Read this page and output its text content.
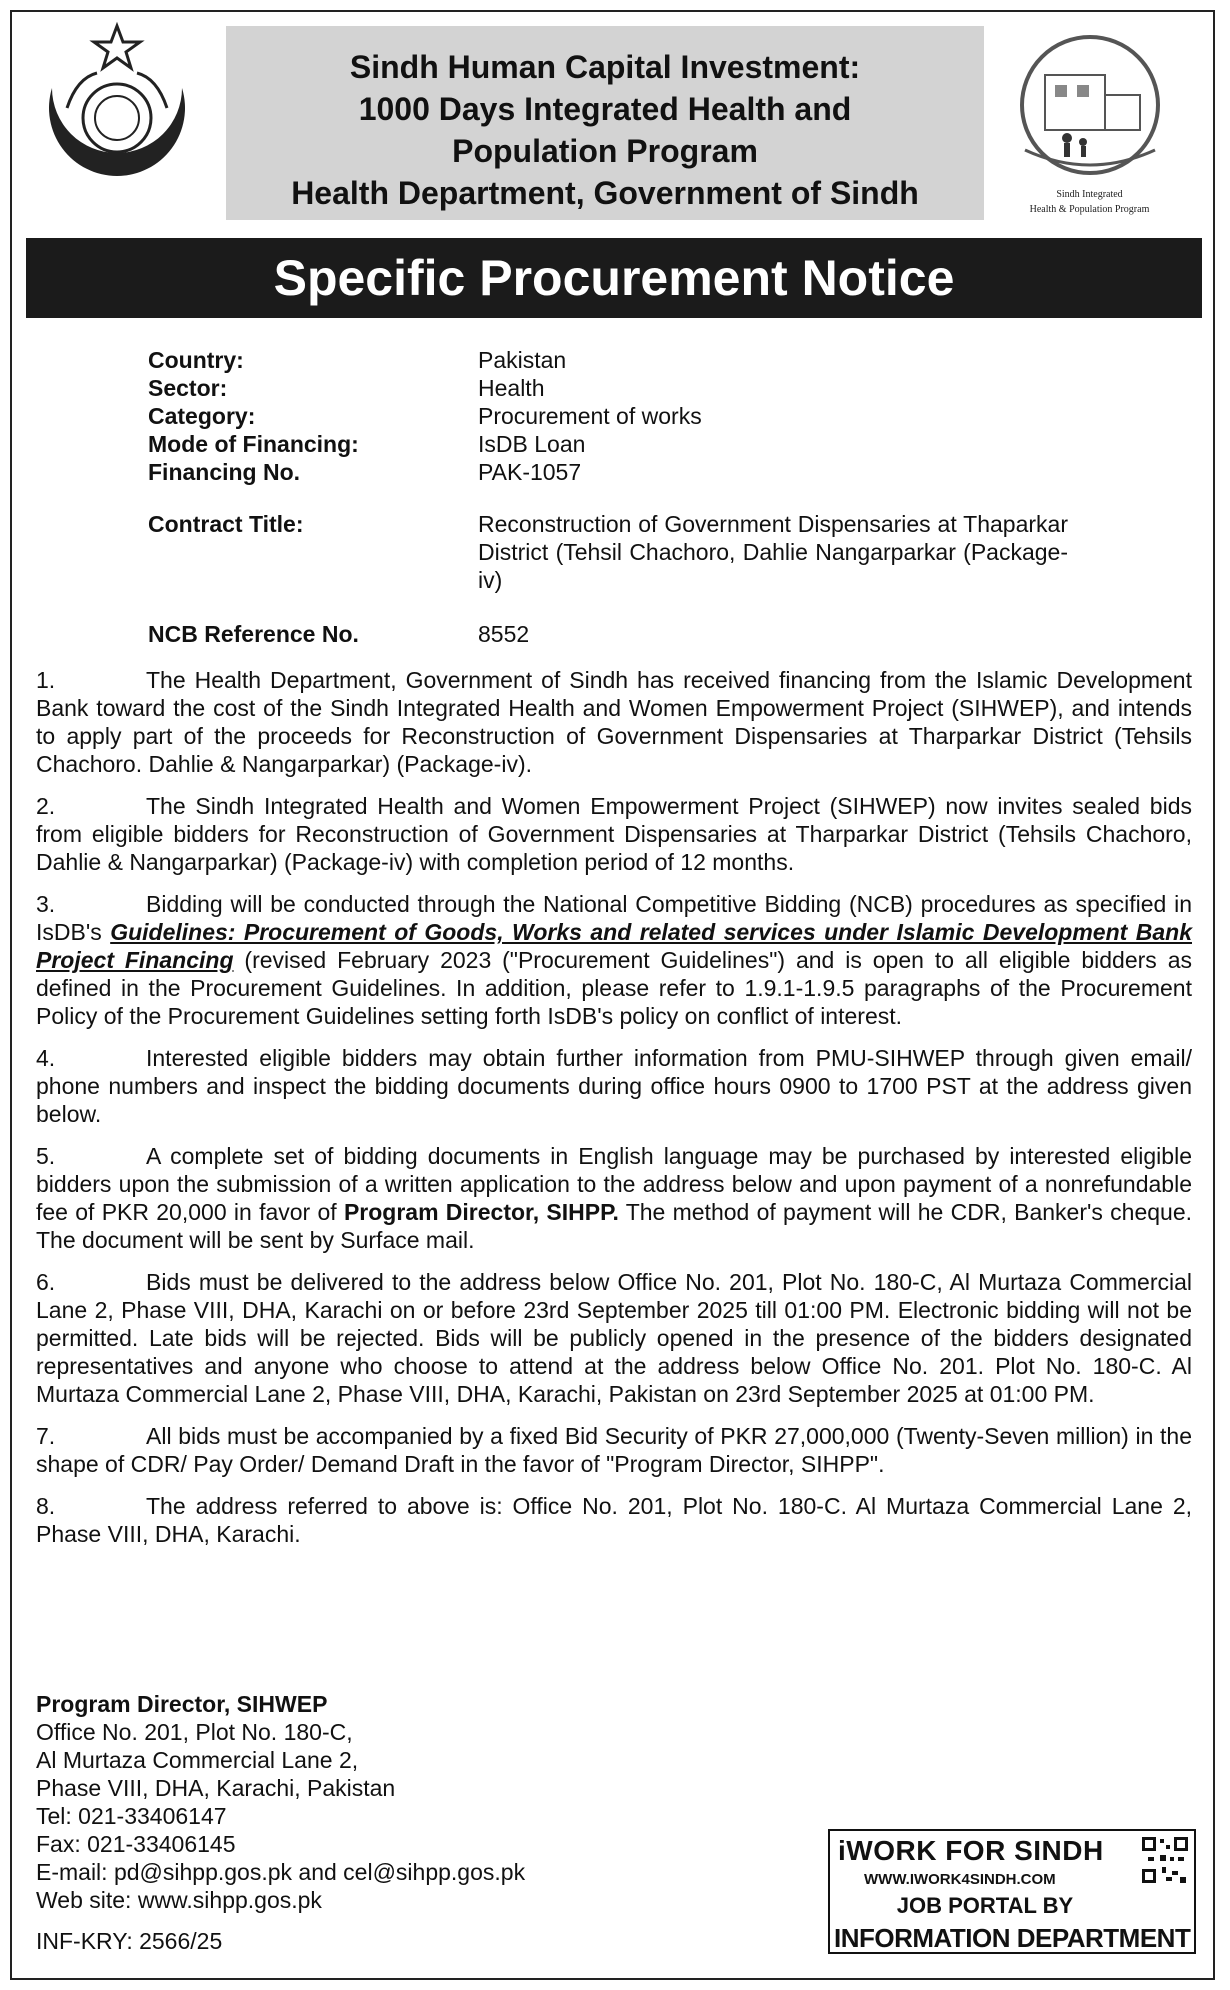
Sindh Human Capital Investment:
1000 Days Integrated Health and
Population Program
Health Department, Government of Sindh	Sindh Integrated
Health & Population Program
Specific Procurement Notice
Country:	Pakistan
Sector:	Health
Category:	Procurement of works
Mode of Financing:	IsDB Loan
Financing No.	PAK-1057
Contract Title:	Reconstruction of Government Dispensaries at Thaparkar District (Tehsil Chachoro, Dahlie Nangarparkar (Package-iv)
NCB Reference No.	8552

1.	The Health Department, Government of Sindh has received financing from the Islamic Development Bank toward the cost of the Sindh Integrated Health and Women Empowerment Project (SIHWEP), and intends to apply part of the proceeds for Reconstruction of Government Dispensaries at Tharparkar District (Tehsils Chachoro. Dahlie & Nangarparkar) (Package-iv).

2.	The Sindh Integrated Health and Women Empowerment Project (SIHWEP) now invites sealed bids from eligible bidders for Reconstruction of Government Dispensaries at Tharparkar District (Tehsils Chachoro, Dahlie & Nangarparkar) (Package-iv) with completion period of 12 months.

3.	Bidding will be conducted through the National Competitive Bidding (NCB) procedures as specified in IsDB's Guidelines: Procurement of Goods, Works and related services under Islamic Development Bank Project Financing (revised February 2023 ("Procurement Guidelines") and is open to all eligible bidders as defined in the Procurement Guidelines. In addition, please refer to 1.9.1-1.9.5 paragraphs of the Procurement Policy of the Procurement Guidelines setting forth IsDB's policy on conflict of interest.

4.	Interested eligible bidders may obtain further information from PMU-SIHWEP through given email/ phone numbers and inspect the bidding documents during office hours 0900 to 1700 PST at the address given below.

5.	A complete set of bidding documents in English language may be purchased by interested eligible bidders upon the submission of a written application to the address below and upon payment of a nonrefundable fee of PKR 20,000 in favor of Program Director, SIHPP. The method of payment will he CDR, Banker's cheque. The document will be sent by Surface mail.

6.	Bids must be delivered to the address below Office No. 201, Plot No. 180-C, Al Murtaza Commercial Lane 2, Phase VIII, DHA, Karachi on or before 23rd September 2025 till 01:00 PM. Electronic bidding will not be permitted. Late bids will be rejected. Bids will be publicly opened in the presence of the bidders designated representatives and anyone who choose to attend at the address below Office No. 201. Plot No. 180-C. Al Murtaza Commercial Lane 2, Phase VIII, DHA, Karachi, Pakistan on 23rd September 2025 at 01:00 PM.

7.	All bids must be accompanied by a fixed Bid Security of PKR 27,000,000 (Twenty-Seven million) in the shape of CDR/ Pay Order/ Demand Draft in the favor of "Program Director, SIHPP".

8.	The address referred to above is: Office No. 201, Plot No. 180-C. Al Murtaza Commercial Lane 2, Phase VIII, DHA, Karachi.

Program Director, SIHWEP
Office No. 201, Plot No. 180-C,
Al Murtaza Commercial Lane 2,
Phase VIII, DHA, Karachi, Pakistan
Tel: 021-33406147
Fax: 021-33406145
E-mail: pd@sihpp.gos.pk and cel@sihpp.gos.pk
Web site: www.sihpp.gos.pk
INF-KRY: 2566/25
iWORK FOR SINDH
WWW.IWORK4SINDH.COM
JOB PORTAL BY
INFORMATION DEPARTMENT
